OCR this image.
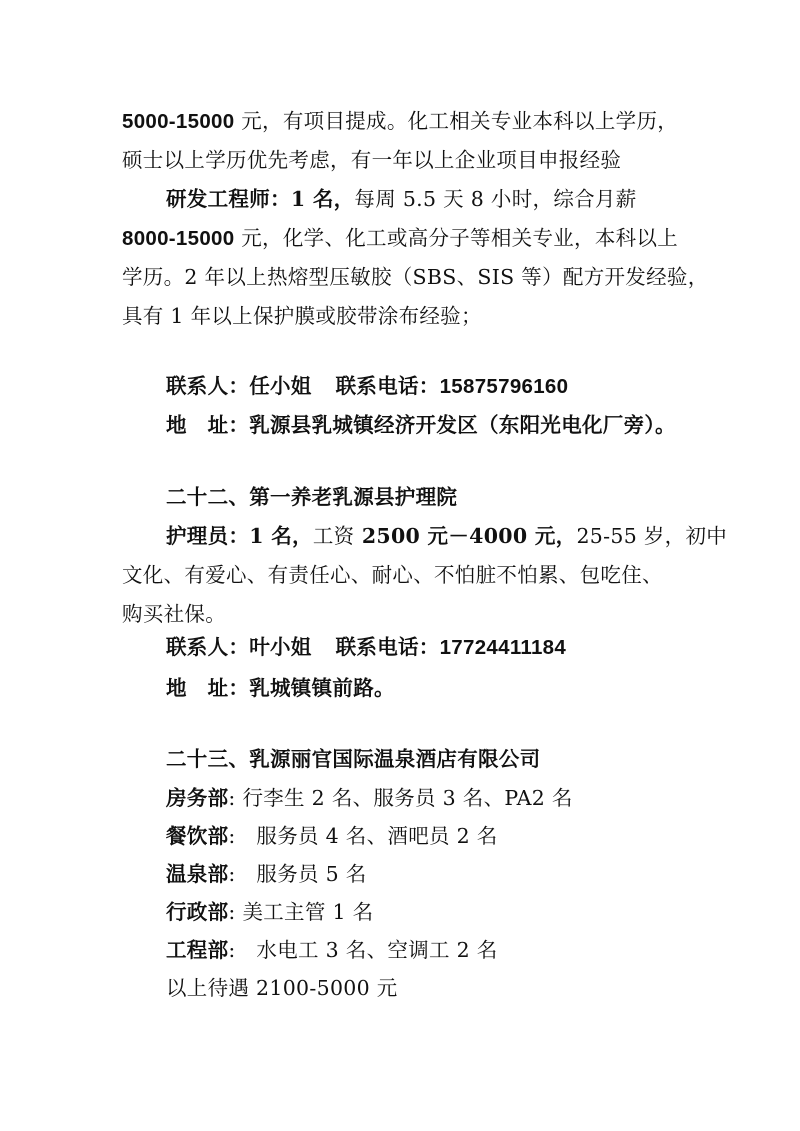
5000-15000 元，有项目提成。化工相关专业本科以上学历，
硕士以上学历优先考虑，有一年以上企业项目申报经验
研发工程师：1 名，每周 5.5 天 8 小时，综合月薪
8000-15000 元，化学、化工或高分子等相关专业，本科以上
学历。2 年以上热熔型压敏胶（SBS、SIS 等）配方开发经验，
具有 1 年以上保护膜或胶带涂布经验；
联系人：任小姐 联系电话：15875796160
地　址：乳源县乳城镇经济开发区（东阳光电化厂旁）。
二十二、第一养老乳源县护理院
护理员：1 名，工资 2500 元－4000 元，25-55 岁，初中
文化、有爱心、有责任心、耐心、不怕脏不怕累、包吃住、
购买社保。
联系人：叶小姐 联系电话：17724411184
地　址：乳城镇镇前路。
二十三、乳源丽官国际温泉酒店有限公司
房务部: 行李生 2 名、服务员 3 名、PA2 名
餐饮部:　服务员 4 名、酒吧员 2 名
温泉部:　服务员 5 名
行政部: 美工主管 1 名
工程部:　水电工 3 名、空调工 2 名
以上待遇 2100-5000 元
